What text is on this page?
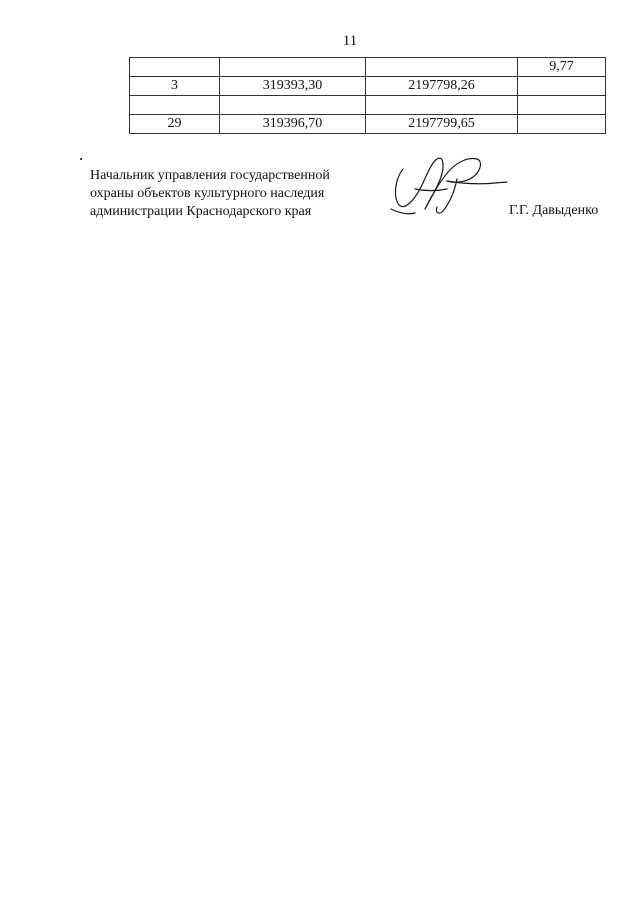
11
			9,77
3	319393,30	2197798,26	

29	319396,70	2197799,65	
Начальник управления государственной
охраны объектов культурного наследия
администрации Краснодарского края	Г.Г. Давыденко
